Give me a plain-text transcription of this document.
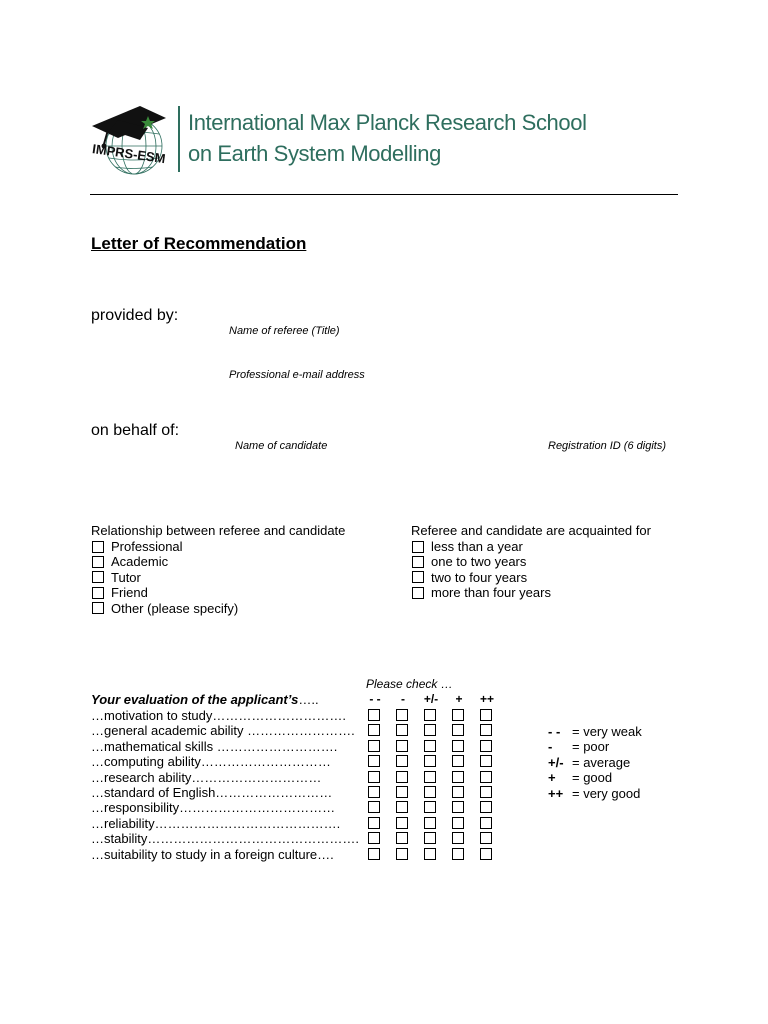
IMPRS-ESM
International Max Planck Research School
on Earth System Modelling
Letter of Recommendation
provided by:
Name of referee (Title)
Professional e-mail address
on behalf of:
Name of candidate	Registration ID (6 digits)
Relationship between referee and candidate
Professional
Academic
Tutor
Friend
Other (please specify)
Referee and candidate are acquainted for
less than a year
one to two years
two to four years
more than four years
Please check …
Your evaluation of the applicant’s…..	- -	-	+/-	+	++
…motivation to study………………………….
…general academic ability …………………….
…mathematical skills ……………………….
…computing ability…………………………
…research ability…………………………
…standard of English………………………
…responsibility………………………………
…reliability…………………………………….
…stability………………………………………….
…suitability to study in a foreign culture….
- - = very weak
- = poor
+/- = average
+ = good
++ = very good
